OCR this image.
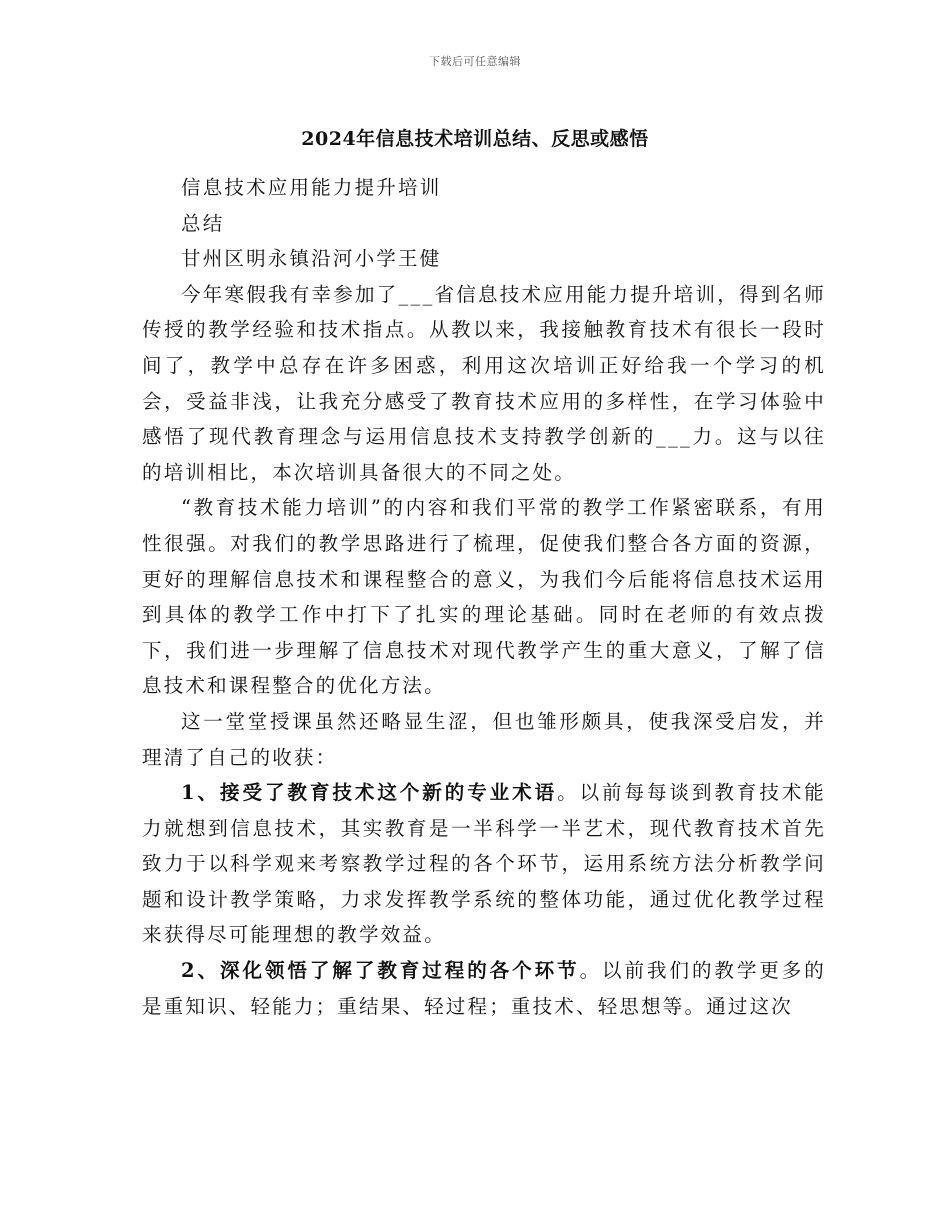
下载后可任意编辑
2024年信息技术培训总结、反思或感悟

信息技术应用能力提升培训

总结

甘州区明永镇沿河小学王健

今年寒假我有幸参加了___省信息技术应用能力提升培训，得到名师传授的教学经验和技术指点。从教以来，我接触教育技术有很长一段时间了，教学中总存在许多困惑，利用这次培训正好给我一个学习的机会，受益非浅，让我充分感受了教育技术应用的多样性，在学习体验中感悟了现代教育理念与运用信息技术支持教学创新的___力。这与以往的培训相比，本次培训具备很大的不同之处。

“教育技术能力培训”的内容和我们平常的教学工作紧密联系，有用性很强。对我们的教学思路进行了梳理，促使我们整合各方面的资源，更好的理解信息技术和课程整合的意义，为我们今后能将信息技术运用到具体的教学工作中打下了扎实的理论基础。同时在老师的有效点拨下，我们进一步理解了信息技术对现代教学产生的重大意义，了解了信息技术和课程整合的优化方法。

这一堂堂授课虽然还略显生涩，但也雏形颇具，使我深受启发，并理清了自己的收获：

1、接受了教育技术这个新的专业术语。以前每每谈到教育技术能力就想到信息技术，其实教育是一半科学一半艺术，现代教育技术首先致力于以科学观来考察教学过程的各个环节，运用系统方法分析教学问题和设计教学策略，力求发挥教学系统的整体功能，通过优化教学过程来获得尽可能理想的教学效益。

2、深化领悟了解了教育过程的各个环节。以前我们的教学更多的是重知识、轻能力；重结果、轻过程；重技术、轻思想等。通过这次
